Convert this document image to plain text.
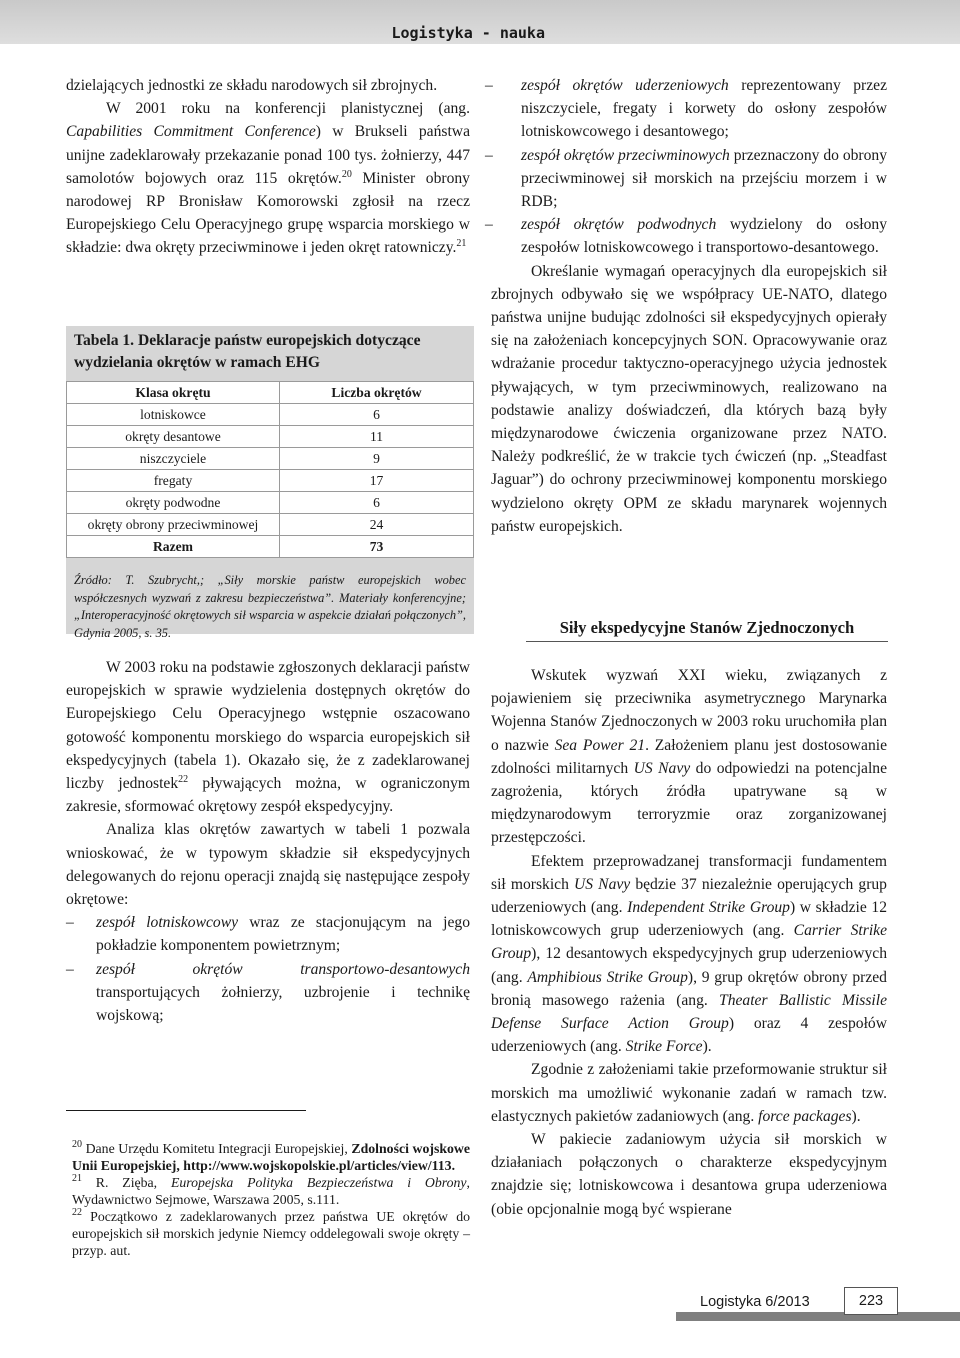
Logistyka - nauka

dzielających jednostki ze składu narodowych sił zbrojnych.

W 2001 roku na konferencji planistycznej (ang. Capabilities Commitment Conference) w Brukseli państwa unijne zadeklarowały przekazanie ponad 100 tys. żołnierzy, 447 samolotów bojowych oraz 115 okrętów.$^{20}$ Minister obrony narodowej RP Bronisław Komorowski zgłosił na rzecz Europejskiego Celu Operacyjnego grupę wsparcia morskiego w składzie: dwa okręty przeciwminowe i jeden okręt ratowniczy.$^{21}$

Tabela 1. Deklaracje państw europejskich dotyczące wydzielania okrętów w ramach EHG
Klasa okrętu	Liczba okrętów
lotniskowce	6
okręty desantowe	11
niszczyciele	9
fregaty	17
okręty podwodne	6
okręty obrony przeciwminowej	24
Razem	73
Źródło: T. Szubrycht,; „Siły morskie państw europejskich wobec współczesnych wyzwań z zakresu bezpieczeństwa”. Materiały konferencyjne; „Interoperacyjność okrętowych sił wsparcia w aspekcie działań połączonych”, Gdynia 2005, s. 35.

W 2003 roku na podstawie zgłoszonych deklaracji państw europejskich w sprawie wydzielenia dostępnych okrętów do Europejskiego Celu Operacyjnego wstępnie oszacowano gotowość komponentu morskiego do wsparcia europejskich sił ekspedycyjnych (tabela 1). Okazało się, że z zadeklarowanej liczby jednostek$^{22}$ pływających można, w ograniczonym zakresie, sformować okrętowy zespół ekspedycyjny.

Analiza klas okrętów zawartych w tabeli 1 pozwala wnioskować, że w typowym składzie sił ekspedycyjnych delegowanych do rejonu operacji znajdą się następujące zespoły okrętowe:

– zespół lotniskowcowy wraz ze stacjonującym na jego pokładzie komponentem powietrznym;

– zespół okrętów transportowo-desantowych transportujących żołnierzy, uzbrojenie i technikę wojskową;

$^{20}$ Dane Urzędu Komitetu Integracji Europejskiej, Zdolności wojskowe Unii Europejskiej, http://www.wojskopolskie.pl/articles/view/113.

$^{21}$ R. Zięba, Europejska Polityka Bezpieczeństwa i Obrony, Wydawnictwo Sejmowe, Warszawa 2005, s.111.

$^{22}$ Początkowo z zadeklarowanych przez państwa UE okrętów do europejskich sił morskich jedynie Niemcy oddelegowali swoje okręty – przyp. aut.

– zespół okrętów uderzeniowych reprezentowany przez niszczyciele, fregaty i korwety do osłony zespołów lotniskowcowego i desantowego;

– zespół okrętów przeciwminowych przeznaczony do obrony przeciwminowej sił morskich na przejściu morzem i w RDB;

– zespół okrętów podwodnych wydzielony do osłony zespołów lotniskowcowego i transportowo-desantowego.

Określanie wymagań operacyjnych dla europejskich sił zbrojnych odbywało się we współpracy UE-NATO, dlatego państwa unijne budując zdolności sił ekspedycyjnych opierały się na założeniach koncepcyjnych SON. Opracowywanie oraz wdrażanie procedur taktyczno-operacyjnego użycia jednostek pływających, w tym przeciwminowych, realizowano na podstawie analizy doświadczeń, dla których bazą były międzynarodowe ćwiczenia organizowane przez NATO. Należy podkreślić, że w trakcie tych ćwiczeń (np. „Steadfast Jaguar”) do ochrony przeciwminowej komponentu morskiego wydzielono okręty OPM ze składu marynarek wojennych państw europejskich.

Siły ekspedycyjne Stanów Zjednoczonych

Wskutek wyzwań XXI wieku, związanych z pojawieniem się przeciwnika asymetrycznego Marynarka Wojenna Stanów Zjednoczonych w 2003 roku uruchomiła plan o nazwie Sea Power 21. Założeniem planu jest dostosowanie zdolności militarnych US Navy do odpowiedzi na potencjalne zagrożenia, których źródła upatrywane są w międzynarodowym terroryzmie oraz zorganizowanej przestępczości.

Efektem przeprowadzanej transformacji fundamentem sił morskich US Navy będzie 37 niezależnie operujących grup uderzeniowych (ang. Independent Strike Group) w składzie 12 lotniskowcowych grup uderzeniowych (ang. Carrier Strike Group), 12 desantowych ekspedycyjnych grup uderzeniowych (ang. Amphibious Strike Group), 9 grup okrętów obrony przed bronią masowego rażenia (ang. Theater Ballistic Missile Defense Surface Action Group) oraz 4 zespołów uderzeniowych (ang. Strike Force).

Zgodnie z założeniami takie przeformowanie struktur sił morskich ma umożliwić wykonanie zadań w ramach tzw. elastycznych pakietów zadaniowych (ang. force packages).

W pakiecie zadaniowym użycia sił morskich w działaniach połączonych o charakterze ekspedycyjnym znajdzie się; lotniskowcowa i desantowa grupa uderzeniowa (obie opcjonalnie mogą być wspierane

Logistyka 6/2013	223
